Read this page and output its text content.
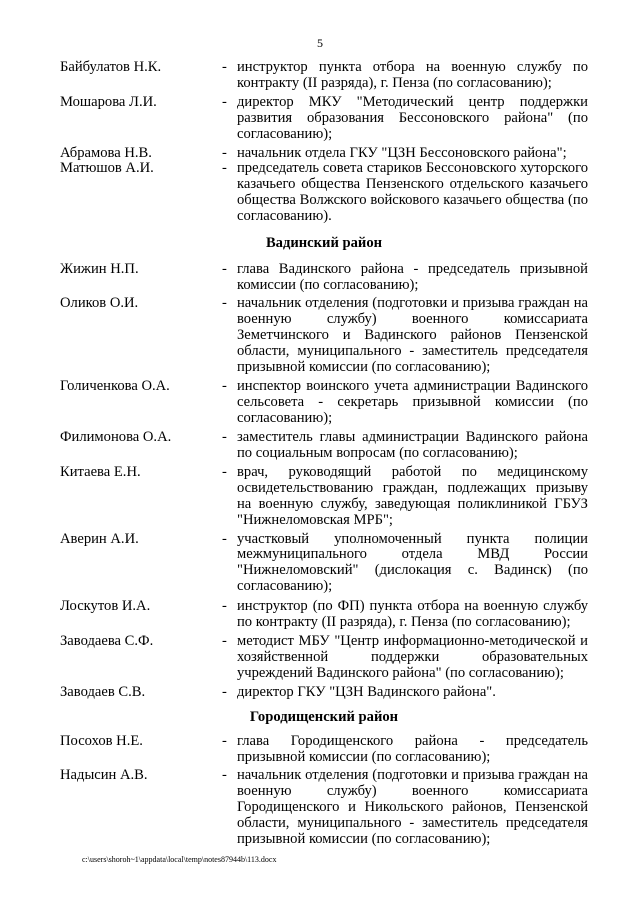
5
Байбулатов Н.К.	- инструктор пункта отбора на военную службу по контракту (II разряда), г. Пенза (по согласованию);
Мошарова Л.И.	- директор МКУ "Методический центр поддержки развития образования Бессоновского района" (по согласованию);
Абрамова Н.В.	- начальник отдела ГКУ "ЦЗН Бессоновского района";
Матюшов А.И.	- председатель совета стариков Бессоновского хуторского казачьего общества Пензенского отдельского казачьего общества Волжского войскового казачьего общества (по согласованию).
Вадинский район
Жижин Н.П.	- глава Вадинского района - председатель призывной комиссии (по согласованию);
Оликов О.И.	- начальник отделения (подготовки и призыва граждан на военную службу) военного комиссариата Земетчинского и Вадинского районов Пензенской области, муниципального - заместитель председателя призывной комиссии (по согласованию);
Голиченкова О.А.	- инспектор воинского учета администрации Вадинского сельсовета - секретарь призывной комиссии (по согласованию);
Филимонова О.А.	- заместитель главы администрации Вадинского района по социальным вопросам (по согласованию);
Китаева Е.Н.	- врач, руководящий работой по медицинскому освидетельствованию граждан, подлежащих призыву на военную службу, заведующая поликлиникой ГБУЗ "Нижнеломовская МРБ";
Аверин А.И.	- участковый уполномоченный пункта полиции межмуниципального отдела МВД России "Нижнеломовский" (дислокация с. Вадинск) (по согласованию);
Лоскутов И.А.	- инструктор (по ФП) пункта отбора на военную службу по контракту (II разряда), г. Пенза (по согласованию);
Заводаева С.Ф.	- методист МБУ "Центр информационно-методической и хозяйственной поддержки образовательных учреждений Вадинского района" (по согласованию);
Заводаев С.В.	- директор ГКУ "ЦЗН Вадинского района".
Городищенский район
Посохов Н.Е.	- глава Городищенского района - председатель призывной комиссии (по согласованию);
Надысин А.В.	- начальник отделения (подготовки и призыва граждан на военную службу) военного комиссариата Городищенского и Никольского районов, Пензенской области, муниципального - заместитель председателя призывной комиссии (по согласованию);
c:\users\shoroh~1\appdata\local\temp\notes87944b\113.docx
